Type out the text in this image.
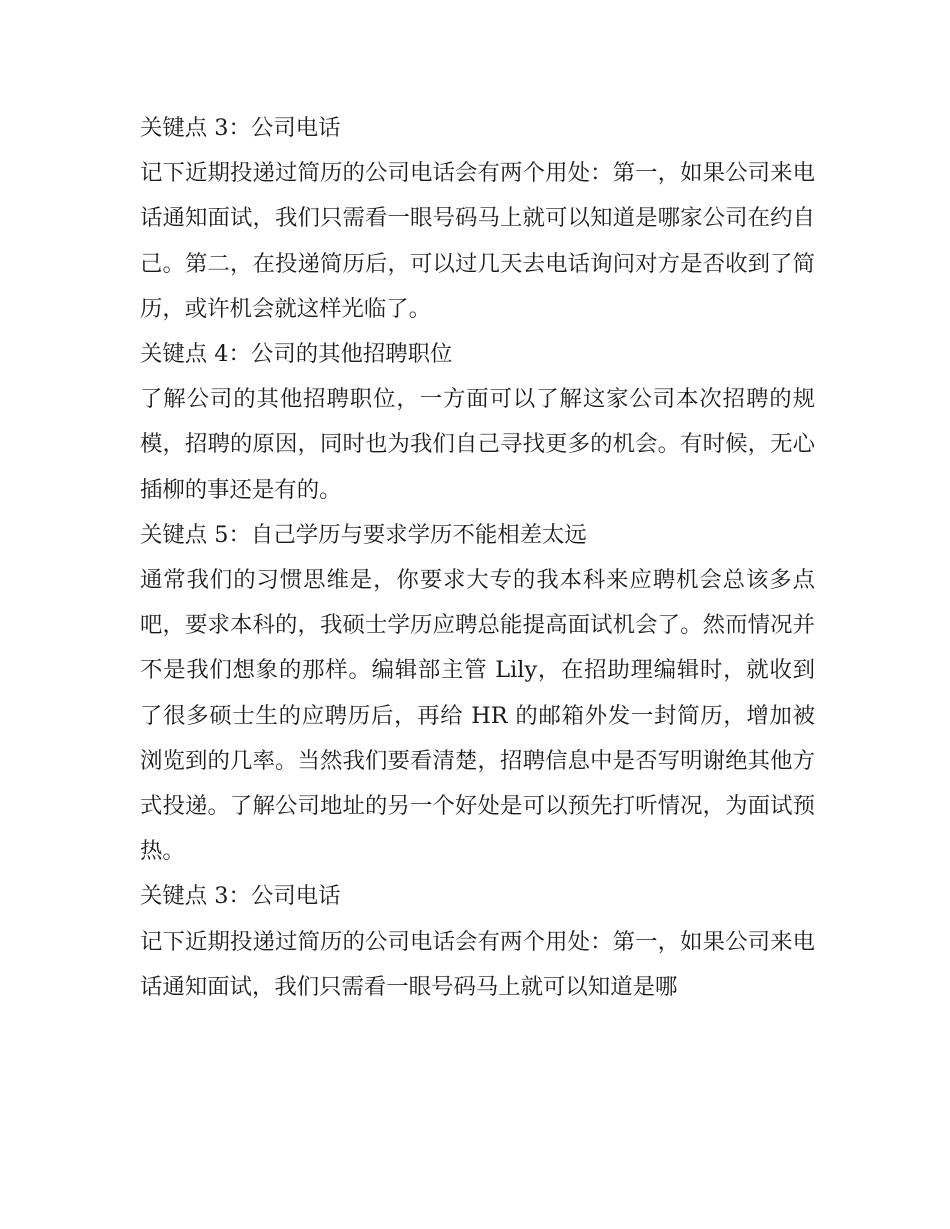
关键点 3：公司电话

记下近期投递过简历的公司电话会有两个用处：第一，如果公司来电话通知面试，我们只需看一眼号码马上就可以知道是哪家公司在约自己。第二，在投递简历后，可以过几天去电话询问对方是否收到了简历，或许机会就这样光临了。

关键点 4：公司的其他招聘职位

了解公司的其他招聘职位，一方面可以了解这家公司本次招聘的规模，招聘的原因，同时也为我们自己寻找更多的机会。有时候，无心插柳的事还是有的。

关键点 5：自己学历与要求学历不能相差太远

通常我们的习惯思维是，你要求大专的我本科来应聘机会总该多点吧，要求本科的，我硕士学历应聘总能提高面试机会了。然而情况并不是我们想象的那样。编辑部主管 Lily，在招助理编辑时，就收到了很多硕士生的应聘历后，再给 HR 的邮箱外发一封简历，增加被浏览到的几率。当然我们要看清楚，招聘信息中是否写明谢绝其他方式投递。了解公司地址的另一个好处是可以预先打听情况，为面试预热。

关键点 3：公司电话

记下近期投递过简历的公司电话会有两个用处：第一，如果公司来电话通知面试，我们只需看一眼号码马上就可以知道是哪
